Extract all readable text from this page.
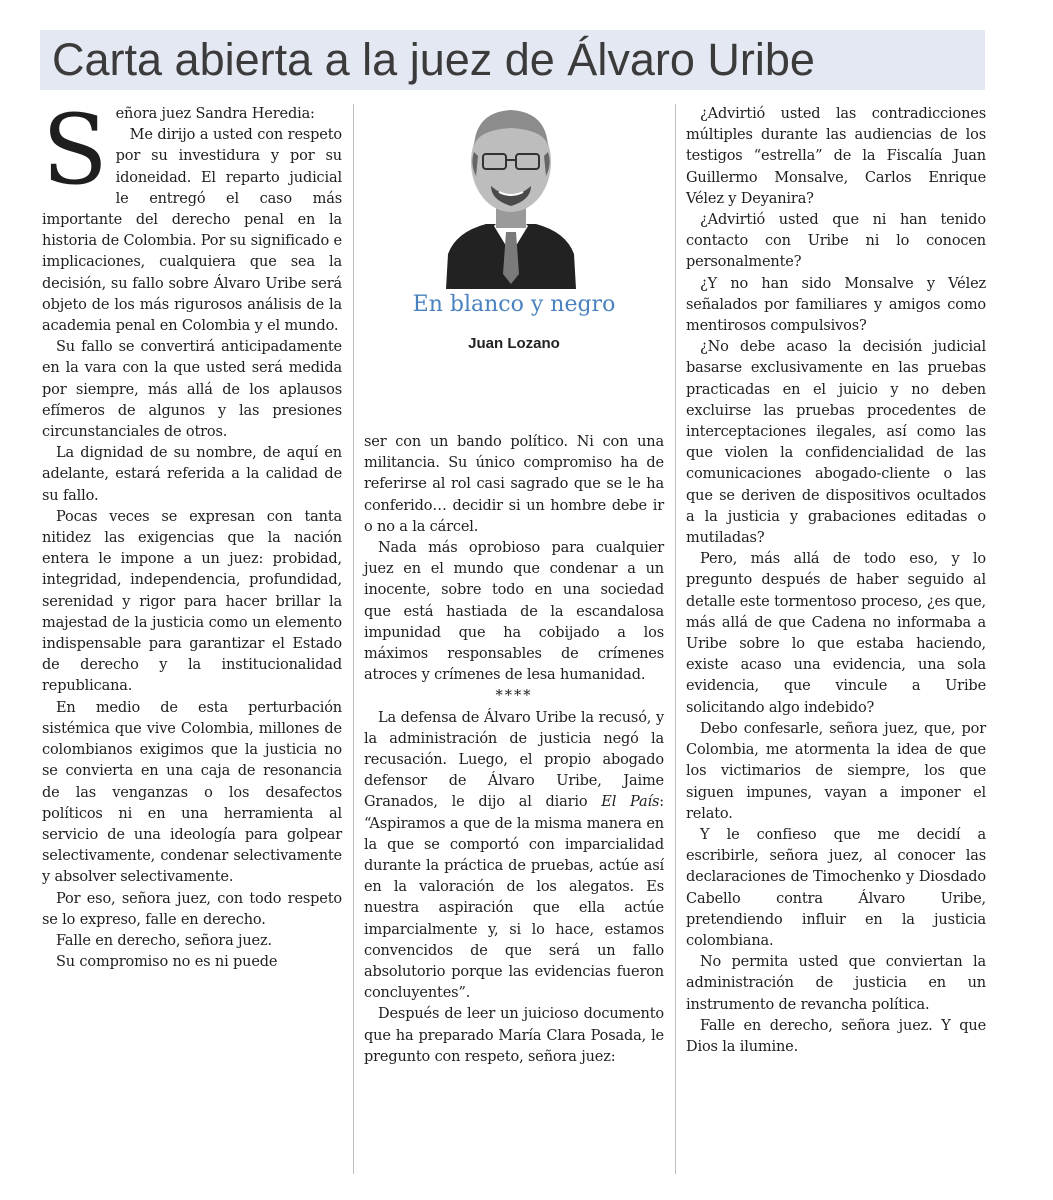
Carta abierta a la juez de Álvaro Uribe

Señora juez Sandra Heredia:

Me dirijo a usted con respeto por su investidura y por su idoneidad. El reparto judicial le entregó el caso más importante del derecho penal en la historia de Colombia. Por su significado e implicaciones, cualquiera que sea la decisión, su fallo sobre Álvaro Uribe será objeto de los más rigurosos análisis de la academia penal en Colombia y el mundo.

Su fallo se convertirá anticipadamente en la vara con la que usted será medida por siempre, más allá de los aplausos efímeros de algunos y las presiones circunstanciales de otros.

La dignidad de su nombre, de aquí en adelante, estará referida a la calidad de su fallo.

Pocas veces se expresan con tanta nitidez las exigencias que la nación entera le impone a un juez: probidad, integridad, independencia, profundidad, serenidad y rigor para hacer brillar la majestad de la justicia como un elemento indispensable para garantizar el Estado de derecho y la institucionalidad republicana.

En medio de esta perturbación sistémica que vive Colombia, millones de colombianos exigimos que la justicia no se convierta en una caja de resonancia de las venganzas o los desafectos políticos ni en una herramienta al servicio de una ideología para golpear selectivamente, condenar selectivamente y absolver selectivamente.

Por eso, señora juez, con todo respeto se lo expreso, falle en derecho.

Falle en derecho, señora juez.

Su compromiso no es ni puede

En blanco y negro
Juan Lozano

ser con un bando político. Ni con una militancia. Su único compromiso ha de referirse al rol casi sagrado que se le ha conferido… decidir si un hombre debe ir o no a la cárcel.

Nada más oprobioso para cualquier juez en el mundo que condenar a un inocente, sobre todo en una sociedad que está hastiada de la escandalosa impunidad que ha cobijado a los máximos responsables de crímenes atroces y crímenes de lesa humanidad.

****

La defensa de Álvaro Uribe la recusó, y la administración de justicia negó la recusación. Luego, el propio abogado defensor de Álvaro Uribe, Jaime Granados, le dijo al diario El País: “Aspiramos a que de la misma manera en la que se comportó con imparcialidad durante la práctica de pruebas, actúe así en la valoración de los alegatos. Es nuestra aspiración que ella actúe imparcialmente y, si lo hace, estamos convencidos de que será un fallo absolutorio porque las evidencias fueron concluyentes”.

Después de leer un juicioso documento que ha preparado María Clara Posada, le pregunto con respeto, señora juez:

¿Advirtió usted las contradicciones múltiples durante las audiencias de los testigos “estrella” de la Fiscalía Juan Guillermo Monsalve, Carlos Enrique Vélez y Deyanira?

¿Advirtió usted que ni han tenido contacto con Uribe ni lo conocen personalmente?

¿Y no han sido Monsalve y Vélez señalados por familiares y amigos como mentirosos compulsivos?

¿No debe acaso la decisión judicial basarse exclusivamente en las pruebas practicadas en el juicio y no deben excluirse las pruebas procedentes de interceptaciones ilegales, así como las que violen la confidencialidad de las comunicaciones abogado-cliente o las que se deriven de dispositivos ocultados a la justicia y grabaciones editadas o mutiladas?

Pero, más allá de todo eso, y lo pregunto después de haber seguido al detalle este tormentoso proceso, ¿es que, más allá de que Cadena no informaba a Uribe sobre lo que estaba haciendo, existe acaso una evidencia, una sola evidencia, que vincule a Uribe solicitando algo indebido?

Debo confesarle, señora juez, que, por Colombia, me atormenta la idea de que los victimarios de siempre, los que siguen impunes, vayan a imponer el relato.

Y le confieso que me decidí a escribirle, señora juez, al conocer las declaraciones de Timochenko y Diosdado Cabello contra Álvaro Uribe, pretendiendo influir en la justicia colombiana.

No permita usted que conviertan la administración de justicia en un instrumento de revancha política.

Falle en derecho, señora juez. Y que Dios la ilumine.
